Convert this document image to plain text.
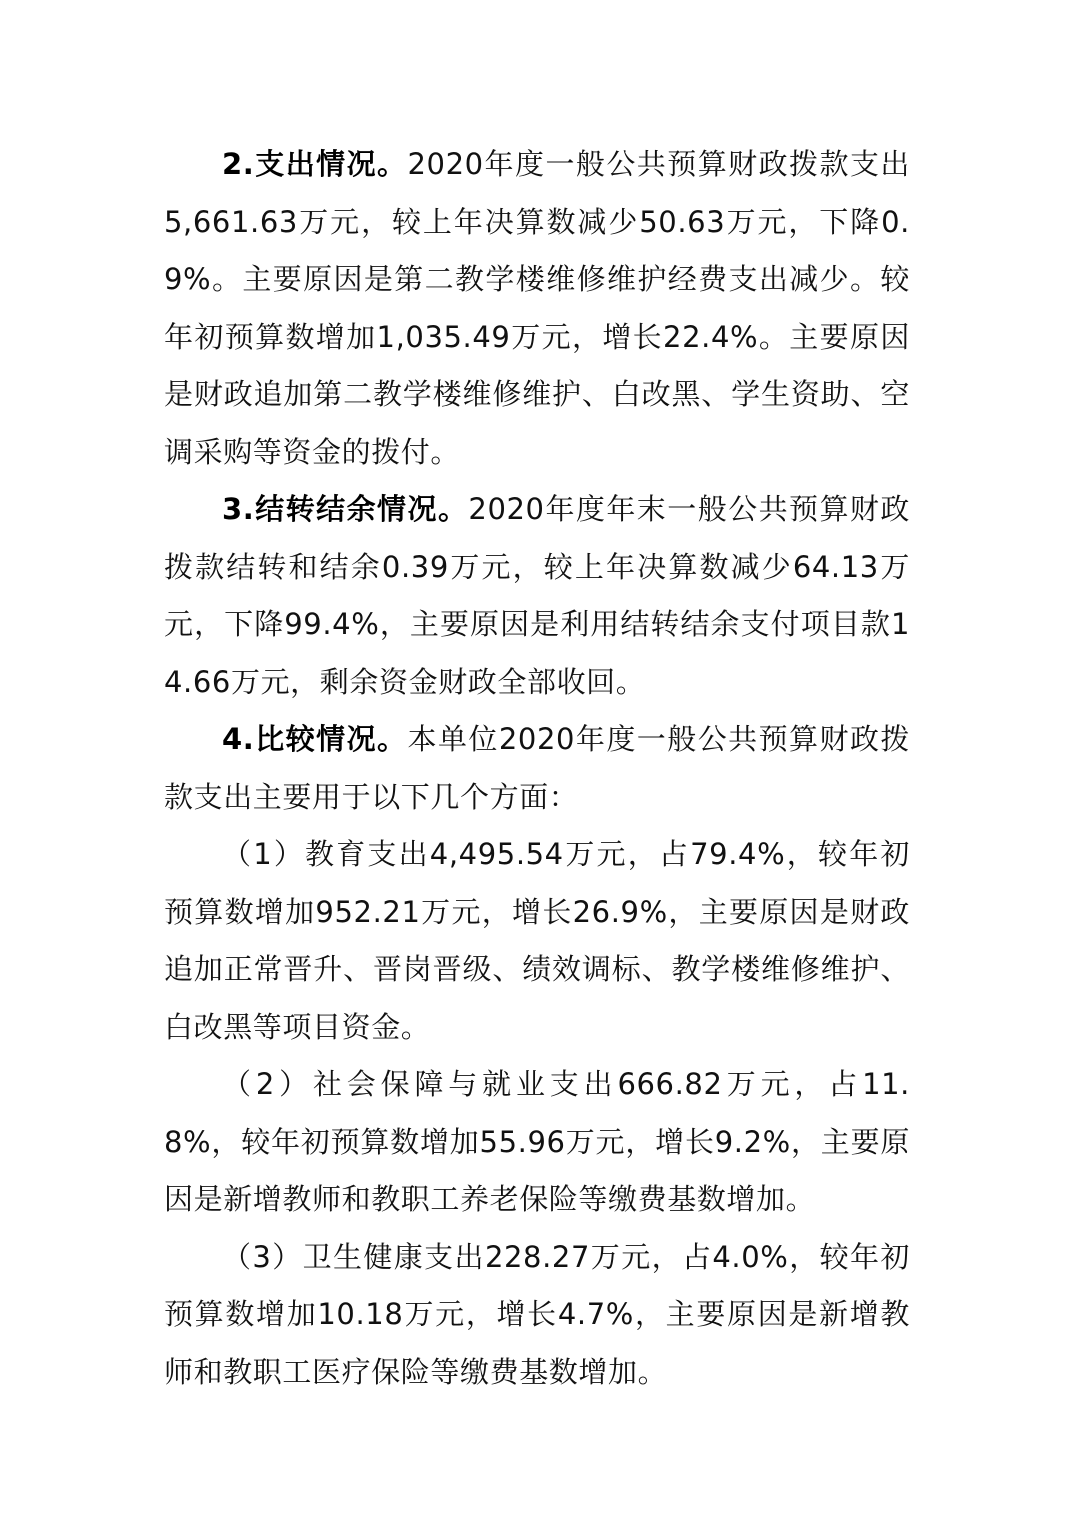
2.支出情况。2020年度一般公共预算财政拨款支出5,661.63万元，较上年决算数减少50.63万元，下降0.9%。主要原因是第二教学楼维修维护经费支出减少。较年初预算数增加1,035.49万元，增长22.4%。主要原因是财政追加第二教学楼维修维护、白改黑、学生资助、空调采购等资金的拨付。

3.结转结余情况。2020年度年末一般公共预算财政拨款结转和结余0.39万元，较上年决算数减少64.13万元，下降99.4%，主要原因是利用结转结余支付项目款14.66万元，剩余资金财政全部收回。

4.比较情况。本单位2020年度一般公共预算财政拨款支出主要用于以下几个方面：

（1）教育支出4,495.54万元，占79.4%，较年初预算数增加952.21万元，增长26.9%，主要原因是财政追加正常晋升、晋岗晋级、绩效调标、教学楼维修维护、白改黑等项目资金。

（2）社会保障与就业支出666.82万元，占11.8%，较年初预算数增加55.96万元，增长9.2%，主要原因是新增教师和教职工养老保险等缴费基数增加。

（3）卫生健康支出228.27万元，占4.0%，较年初预算数增加10.18万元，增长4.7%，主要原因是新增教师和教职工医疗保险等缴费基数增加。
